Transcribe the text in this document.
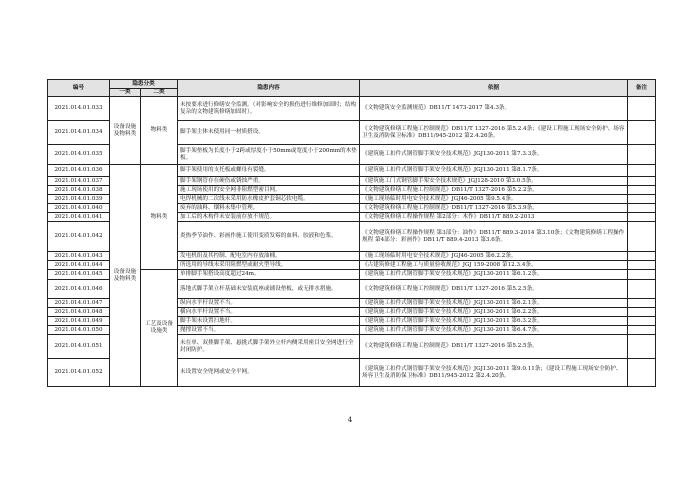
编号	隐患分类		隐患内容	依据	备注
	一类	二类			
2021.014.01.033	设备设施及物料类	物料类	未按要求进行修缮安全监测。（对影响安全的损伤进行维修加固时；结构复杂的文物建筑修缮加固时）。	《文物建筑安全监测规范》DB11/T 1473-2017 第4.3条。	
2021.014.01.034			脚手架主体未使用同一材质搭设。	《文物建筑修缮工程施工控制规范》DB11/T 1327-2016 第5.2.4条；《建设工程施工现场安全防护、场容卫生及消防保卫标准》DB11/945-2012 第2.4.26条。	
2021.014.01.035			脚手架垫板为长度小于2跨或厚度小于50mm或宽度小于200mm的木垫板。	《建筑施工扣件式钢管脚手架安全技术规范》JGJ130-2011 第7.3.3条。	
2021.014.01.036	设备设施及物料类	物料类	脚手架使用的支托板或螺母有裂缝。	《建筑施工扣件式钢管脚手架安全技术规范》JGJ130-2011 第8.1.7条。	
2021.014.01.037			脚手架钢管存在硬伤或锈蚀严重。	《建筑施工门式钢管脚手架安全技术规范》JGJ128-2010 第3.0.5条。	
2021.014.01.038			施工现场使用的安全网非阻燃型密目网。	《文物建筑修缮工程施工控制规范》DB11/T 1327-2016 第5.2.2条。	
2021.014.01.039			电焊机械的二次线未采用防水橡皮护套铜芯软电缆。	《施工现场临时用电安全技术规范》JGJ46-2005 第9.5.4条。	
2021.014.01.040			废弃的油料、烟料未集中管理。	《文物建筑修缮工程施工控制规范》DB11/T 1327-2016 第5.3.9条。	
2021.014.01.041			加工后的木构件未安装前存放不规范。	《文物建筑修缮工程操作规程 第2部分：木作》DB11/T 889.2-2013	
2021.014.01.042			炎热季节油作、彩画作施工使用变质发霉的血料、胶液和色浆。	《文物建筑修缮工程操作规程 第3部分：油作》DB11/T 889.3-2014 第3.10条；《文物建筑修缮工程操作规程 第4部分：彩画作》DB11/T 889.4-2013 第3.6条。	
2021.014.01.043			发电机组及其控制、配电室内存放油桶。	《施工现场临时用电安全技术规范》JGJ46-2005 第6.2.2条。	
2021.014.01.044			所选用的导线未采用阻燃型或耐火型导线。	《古建筑修建工程施工与质量验收规范》JGJ 159-2008 第12.3.4条。	
2021.014.01.045		工艺及设备设施类	单排脚手架搭设高度超过24m。	《建筑施工扣件式钢管脚手架安全技术规范》JGJ130-2011 第6.1.2条。	
2021.014.01.046			落地式脚手架立杆基础未安装底座或铺设垫板，或无排水措施。	《文物建筑修缮工程施工控制规范》DB11/T 1327-2016 第5.2.5条。	
2021.014.01.047			纵向水平杆设置不当。	《建筑施工扣件式钢管脚手架安全技术规范》JGJ130-2011 第6.2.1条。	
2021.014.01.048			横向水平杆设置不当。	《建筑施工扣件式钢管脚手架安全技术规范》JGJ130-2011 第6.2.2条。	
2021.014.01.049			脚手架未设置扫地杆。	《建筑施工扣件式钢管脚手架安全技术规范》JGJ130-2011 第6.3.2条。	
2021.014.01.050			抛撑设置不当。	《建筑施工扣件式钢管脚手架安全技术规范》JGJ130-2011 第6.4.7条。	
2021.014.01.051			未在单、双排脚手架、悬挑式脚手架外立杆内侧采用密目安全网进行全封闭防护。	《文物建筑修缮工程施工控制规范》DB11/T 1327-2016 第5.2.5条。	
2021.014.01.052			未设置安全兜网或安全平网。	《建筑施工扣件式钢管脚手架安全技术规范》JGJ130-2011 第9.0.11条；《建设工程施工现场安全防护、场容卫生及消防保卫标准》DB11/945-2012 第2.4.20条。	
4
